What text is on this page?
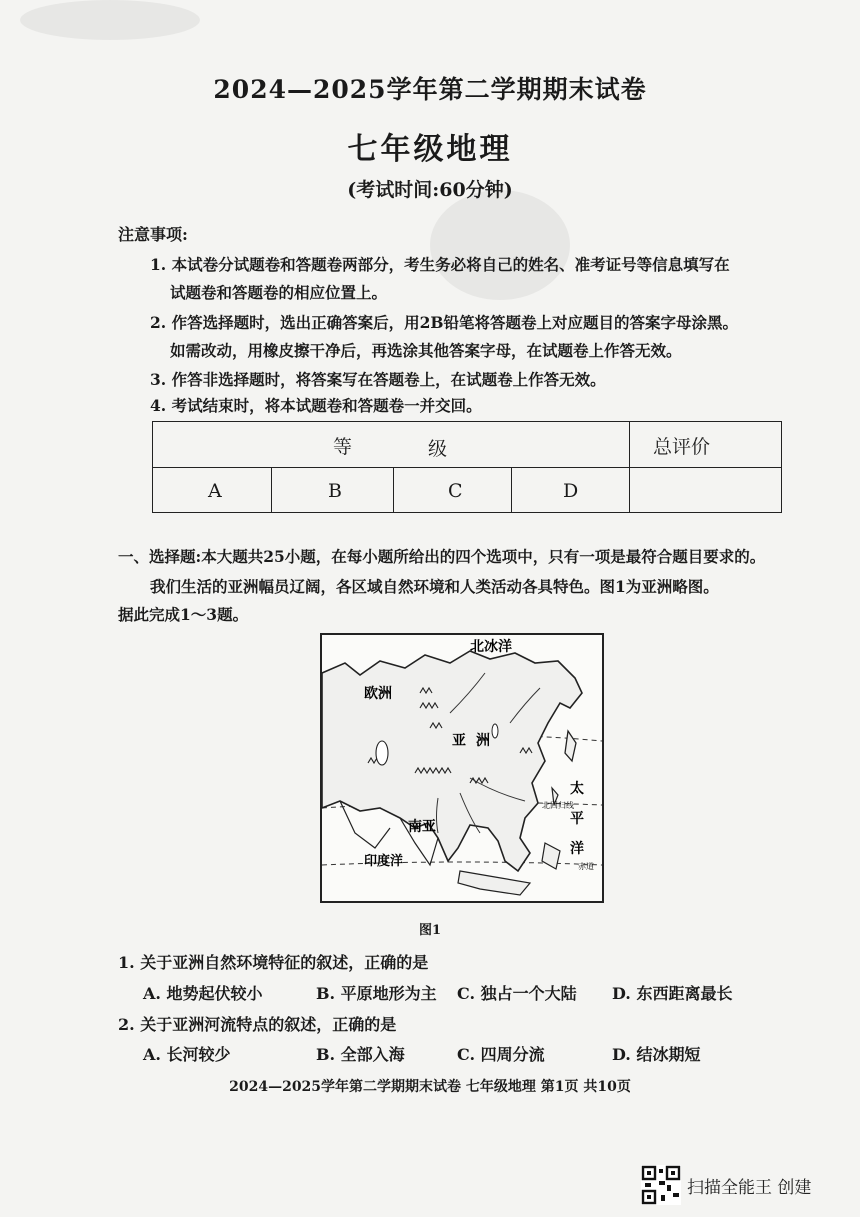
2024—2025学年第二学期期末试卷
七年级地理
(考试时间:60分钟)
注意事项:
1. 本试卷分试题卷和答题卷两部分，考生务必将自己的姓名、准考证号等信息填写在
试题卷和答题卷的相应位置上。
2. 作答选择题时，选出正确答案后，用2B铅笔将答题卷上对应题目的答案字母涂黑。
如需改动，用橡皮擦干净后，再选涂其他答案字母，在试题卷上作答无效。
3. 作答非选择题时，将答案写在答题卷上，在试题卷上作答无效。
4. 考试结束时，将本试题卷和答题卷一并交回。
等	级	总评价
A	B	C	D
一、选择题:本大题共25小题，在每小题所给出的四个选项中，只有一项是最符合题目要求的。
我们生活的亚洲幅员辽阔，各区域自然环境和人类活动各具特色。图1为亚洲略图。
据此完成1～3题。
北冰洋
欧洲
亚洲
南亚
印度洋
太
平
洋
北回归线
赤道
图1
1. 关于亚洲自然环境特征的叙述，正确的是
A. 地势起伏较小	B. 平原地形为主 C. 独占一个大陆 D. 东西距离最长
2. 关于亚洲河流特点的叙述，正确的是
A. 长河较少	B. 全部入海	C. 四周分流	D. 结冰期短
2024—2025学年第二学期期末试卷 七年级地理 第1页 共10页
扫描全能王 创建
